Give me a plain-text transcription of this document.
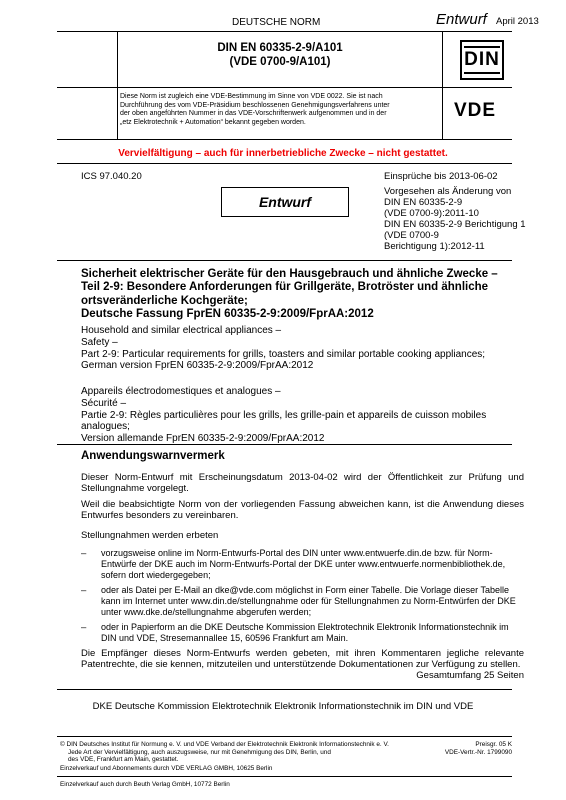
DEUTSCHE NORM	Entwurf April 2013
DIN EN 60335-2-9/A101
(VDE 0700-9/A101)	DIN
Diese Norm ist zugleich eine VDE-Bestimmung im Sinne von VDE 0022. Sie ist nach
Durchführung des vom VDE-Präsidium beschlossenen Genehmigungsverfahrens unter
der oben angeführten Nummer in das VDE-Vorschriftenwerk aufgenommen und in der
„etz Elektrotechnik + Automation“ bekannt gegeben worden.
VDE
Vervielfältigung – auch für innerbetriebliche Zwecke – nicht gestattet.
ICS 97.040.20	Einsprüche bis 2013-06-02
Entwurf
Vorgesehen als Änderung von
DIN EN 60335-2-9
(VDE 0700-9):2011-10
DIN EN 60335-2-9 Berichtigung 1
(VDE 0700-9
Berichtigung 1):2012-11
Sicherheit elektrischer Geräte für den Hausgebrauch und ähnliche Zwecke –
Teil 2-9: Besondere Anforderungen für Grillgeräte, Brotröster und ähnliche
ortsveränderliche Kochgeräte;
Deutsche Fassung FprEN 60335-2-9:2009/FprAA:2012
Household and similar electrical appliances –
Safety –
Part 2-9: Particular requirements for grills, toasters and similar portable cooking appliances;
German version FprEN 60335-2-9:2009/FprAA:2012
Appareils électrodomestiques et analogues –
Sécurité –
Partie 2-9: Règles particulières pour les grills, les grille-pain et appareils de cuisson mobiles
analogues;
Version allemande FprEN 60335-2-9:2009/FprAA:2012
Anwendungswarnvermerk
Dieser Norm-Entwurf mit Erscheinungsdatum 2013-04-02 wird der Öffentlichkeit zur Prüfung und Stellungnahme vorgelegt.
Weil die beabsichtigte Norm von der vorliegenden Fassung abweichen kann, ist die Anwendung dieses Entwurfes besonders zu vereinbaren.
Stellungnahmen werden erbeten
– vorzugsweise online im Norm-Entwurfs-Portal des DIN unter www.entwuerfe.din.de bzw. für Norm-Entwürfe der DKE auch im Norm-Entwurfs-Portal der DKE unter www.entwuerfe.normenbibliothek.de, sofern dort wiedergegeben;
– oder als Datei per E-Mail an dke@vde.com möglichst in Form einer Tabelle. Die Vorlage dieser Tabelle kann im Internet unter www.din.de/stellungnahme oder für Stellungnahmen zu Norm-Entwürfen der DKE unter www.dke.de/stellungnahme abgerufen werden;
– oder in Papierform an die DKE Deutsche Kommission Elektrotechnik Elektronik Informationstechnik im DIN und VDE, Stresemannallee 15, 60596 Frankfurt am Main.
Die Empfänger dieses Norm-Entwurfs werden gebeten, mit ihren Kommentaren jegliche relevante Patentrechte, die sie kennen, mitzuteilen und unterstützende Dokumentationen zur Verfügung zu stellen.
Gesamtumfang 25 Seiten
DKE Deutsche Kommission Elektrotechnik Elektronik Informationstechnik im DIN und VDE
© DIN Deutsches Institut für Normung e. V. und VDE Verband der Elektrotechnik Elektronik Informationstechnik e. V.
Jede Art der Vervielfältigung, auch auszugsweise, nur mit Genehmigung des DIN, Berlin, und
des VDE, Frankfurt am Main, gestattet.
Preisgr. 05 K
VDE-Vertr.-Nr. 1799090
Einzelverkauf und Abonnements durch VDE VERLAG GMBH, 10625 Berlin
Einzelverkauf auch durch Beuth Verlag GmbH, 10772 Berlin
